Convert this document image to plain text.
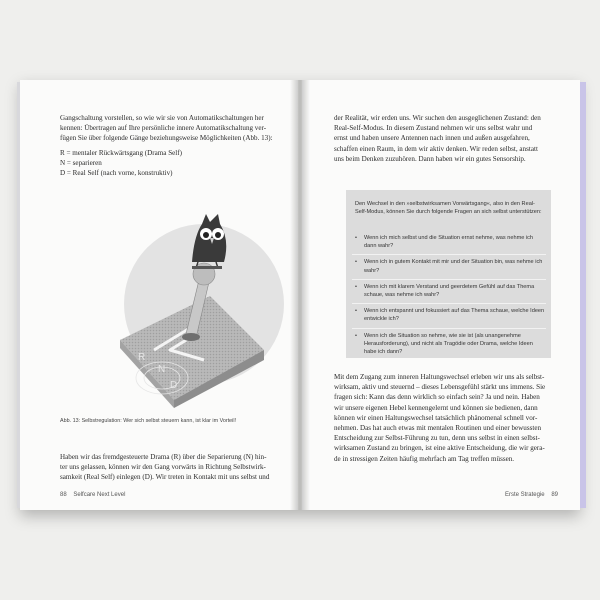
Gangschaltung vorstellen, so wie wir sie von Automatikschaltungen her
kennen: Übertragen auf Ihre persönliche innere Automatikschaltung ver-
fügen Sie über folgende Gänge beziehungsweise Möglichkeiten (Abb. 13):
R = mentaler Rückwärtsgang (Drama Self)
N = separieren
D = Real Self (nach vorne, konstruktiv)
R
N
D
Abb. 13: Selbstregulation: Wer sich selbst steuern kann, ist klar im Vorteil!
Haben wir das fremdgesteuerte Drama (R) über die Separierung (N) hin-
ter uns gelassen, können wir den Gang vorwärts in Richtung Selbstwirk-
samkeit (Real Self) einlegen (D). Wir treten in Kontakt mit uns selbst und
88 Selfcare Next Level
der Realität, wir erden uns. Wir suchen den ausgeglichenen Zustand: den
Real-Self-Modus. In diesem Zustand nehmen wir uns selbst wahr und
ernst und haben unsere Antennen nach innen und außen ausgefahren,
schaffen einen Raum, in dem wir aktiv denken. Wir reden selbst, anstatt
uns beim Denken zuzuhören. Dann haben wir ein gutes Sensorship.
Den Wechsel in den »selbstwirksamen Vorwärtsgang«, also in den Real-Self-Modus, können Sie durch folgende Fragen an sich selbst unterstützen:
• Wenn ich mich selbst und die Situation ernst nehme, was nehme ich dann wahr?
• Wenn ich in gutem Kontakt mit mir und der Situation bin, was nehme ich wahr?
• Wenn ich mit klarem Verstand und geerdetem Gefühl auf das Thema schaue, was nehme ich wahr?
• Wenn ich entspannt und fokussiert auf das Thema schaue, welche Ideen entwickle ich?
• Wenn ich die Situation so nehme, wie sie ist (als unangenehme Herausforderung), und nicht als Tragödie oder Drama, welche Ideen habe ich dann?
Mit dem Zugang zum inneren Haltungswechsel erleben wir uns als selbst-
wirksam, aktiv und steuernd – dieses Lebensgefühl stärkt uns immens. Sie
fragen sich: Kann das denn wirklich so einfach sein? Ja und nein. Haben
wir unsere eigenen Hebel kennengelernt und können sie bedienen, dann
können wir einen Haltungswechsel tatsächlich phänomenal schnell vor-
nehmen. Das hat auch etwas mit mentalen Routinen und einer bewussten
Entscheidung zur Selbst-Führung zu tun, denn uns selbst in einen selbst-
wirksamen Zustand zu bringen, ist eine aktive Entscheidung, die wir gera-
de in stressigen Zeiten häufig mehrfach am Tag treffen müssen.
Erste Strategie 89
